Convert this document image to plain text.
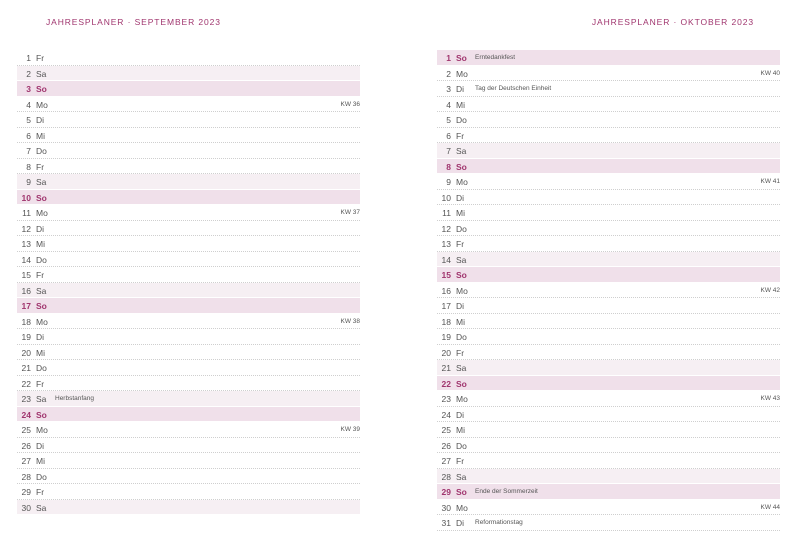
JAHRESPLANER · SEPTEMBER 2023	JAHRESPLANER · OKTOBER 2023
1 Fr
2 Sa
3 So
4 Mo	KW 36
5 Di
6 Mi
7 Do
8 Fr
9 Sa
10 So
11 Mo	KW 37
12 Di
13 Mi
14 Do
15 Fr
16 Sa
17 So
18 Mo	KW 38
19 Di
20 Mi
21 Do
22 Fr
23 Sa Herbstanfang
24 So
25 Mo	KW 39
26 Di
27 Mi
28 Do
29 Fr
30 Sa
1 So Erntedankfest
2 Mo	KW 40
3 Di Tag der Deutschen Einheit
4 Mi
5 Do
6 Fr
7 Sa
8 So
9 Mo	KW 41
10 Di
11 Mi
12 Do
13 Fr
14 Sa
15 So
16 Mo	KW 42
17 Di
18 Mi
19 Do
20 Fr
21 Sa
22 So
23 Mo	KW 43
24 Di
25 Mi
26 Do
27 Fr
28 Sa
29 So Ende der Sommerzeit
30 Mo	KW 44
31 Di Reformationstag
